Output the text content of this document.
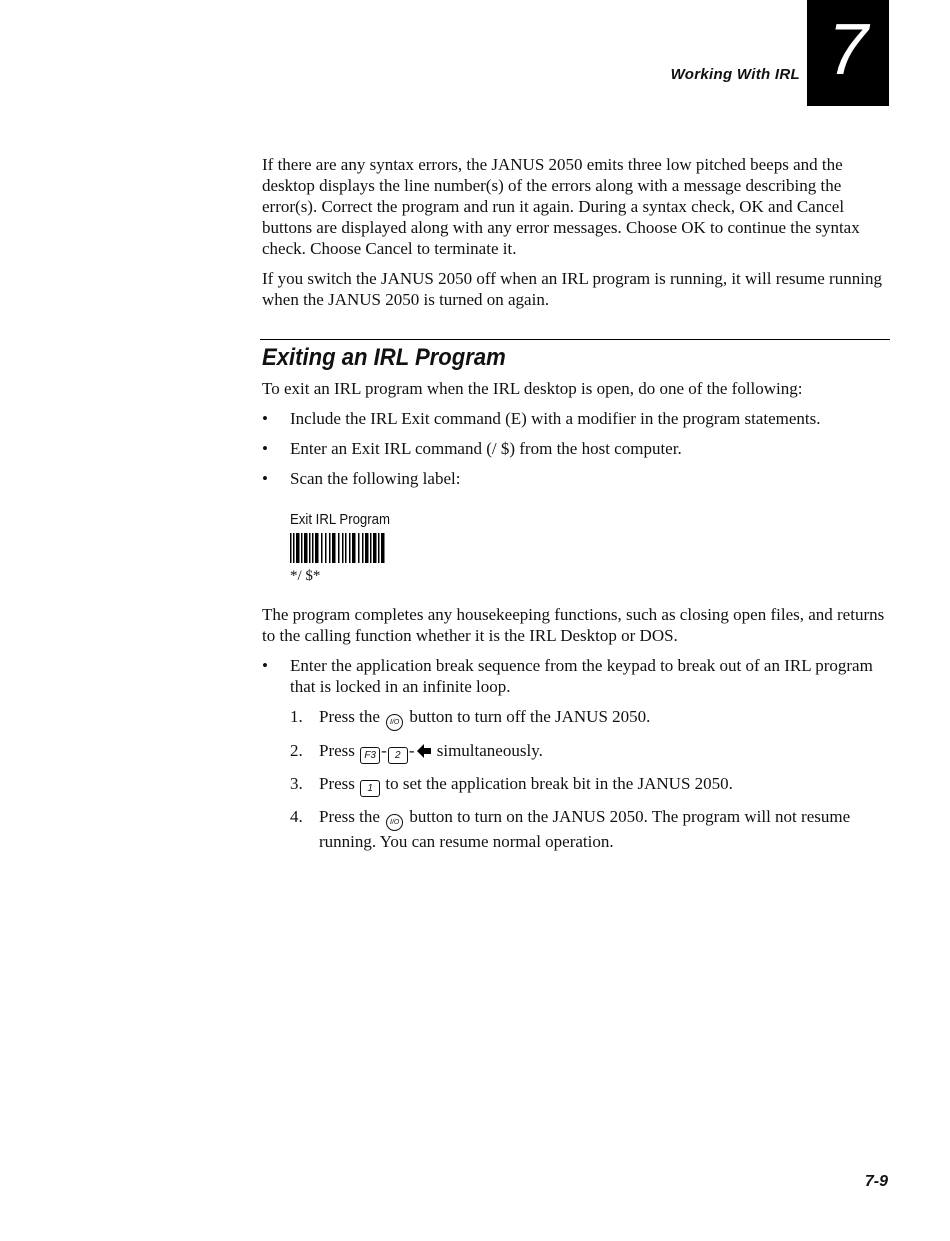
Working With IRL 7

If there are any syntax errors, the JANUS 2050 emits three low pitched beeps and the desktop displays the line number(s) of the errors along with a message describing the error(s). Correct the program and run it again. During a syntax check, OK and Cancel buttons are displayed along with any error messages. Choose OK to continue the syntax check. Choose Cancel to terminate it.

If you switch the JANUS 2050 off when an IRL program is running, it will resume running when the JANUS 2050 is turned on again.

Exiting an IRL Program

To exit an IRL program when the IRL desktop is open, do one of the following:

• Include the IRL Exit command (E) with a modifier in the program statements.
• Enter an Exit IRL command (/ $) from the host computer.
• Scan the following label:
Exit IRL Program
*/ $*

The program completes any housekeeping functions, such as closing open files, and returns to the calling function whether it is the IRL Desktop or DOS.

• Enter the application break sequence from the keypad to break out of an IRL program that is locked in an infinite loop.
1. Press the I/O button to turn off the JANUS 2050.
2. Press F3 - 2 - simultaneously.
3. Press 1 to set the application break bit in the JANUS 2050.
4. Press the I/O button to turn on the JANUS 2050. The program will not resume running. You can resume normal operation.
7-9
